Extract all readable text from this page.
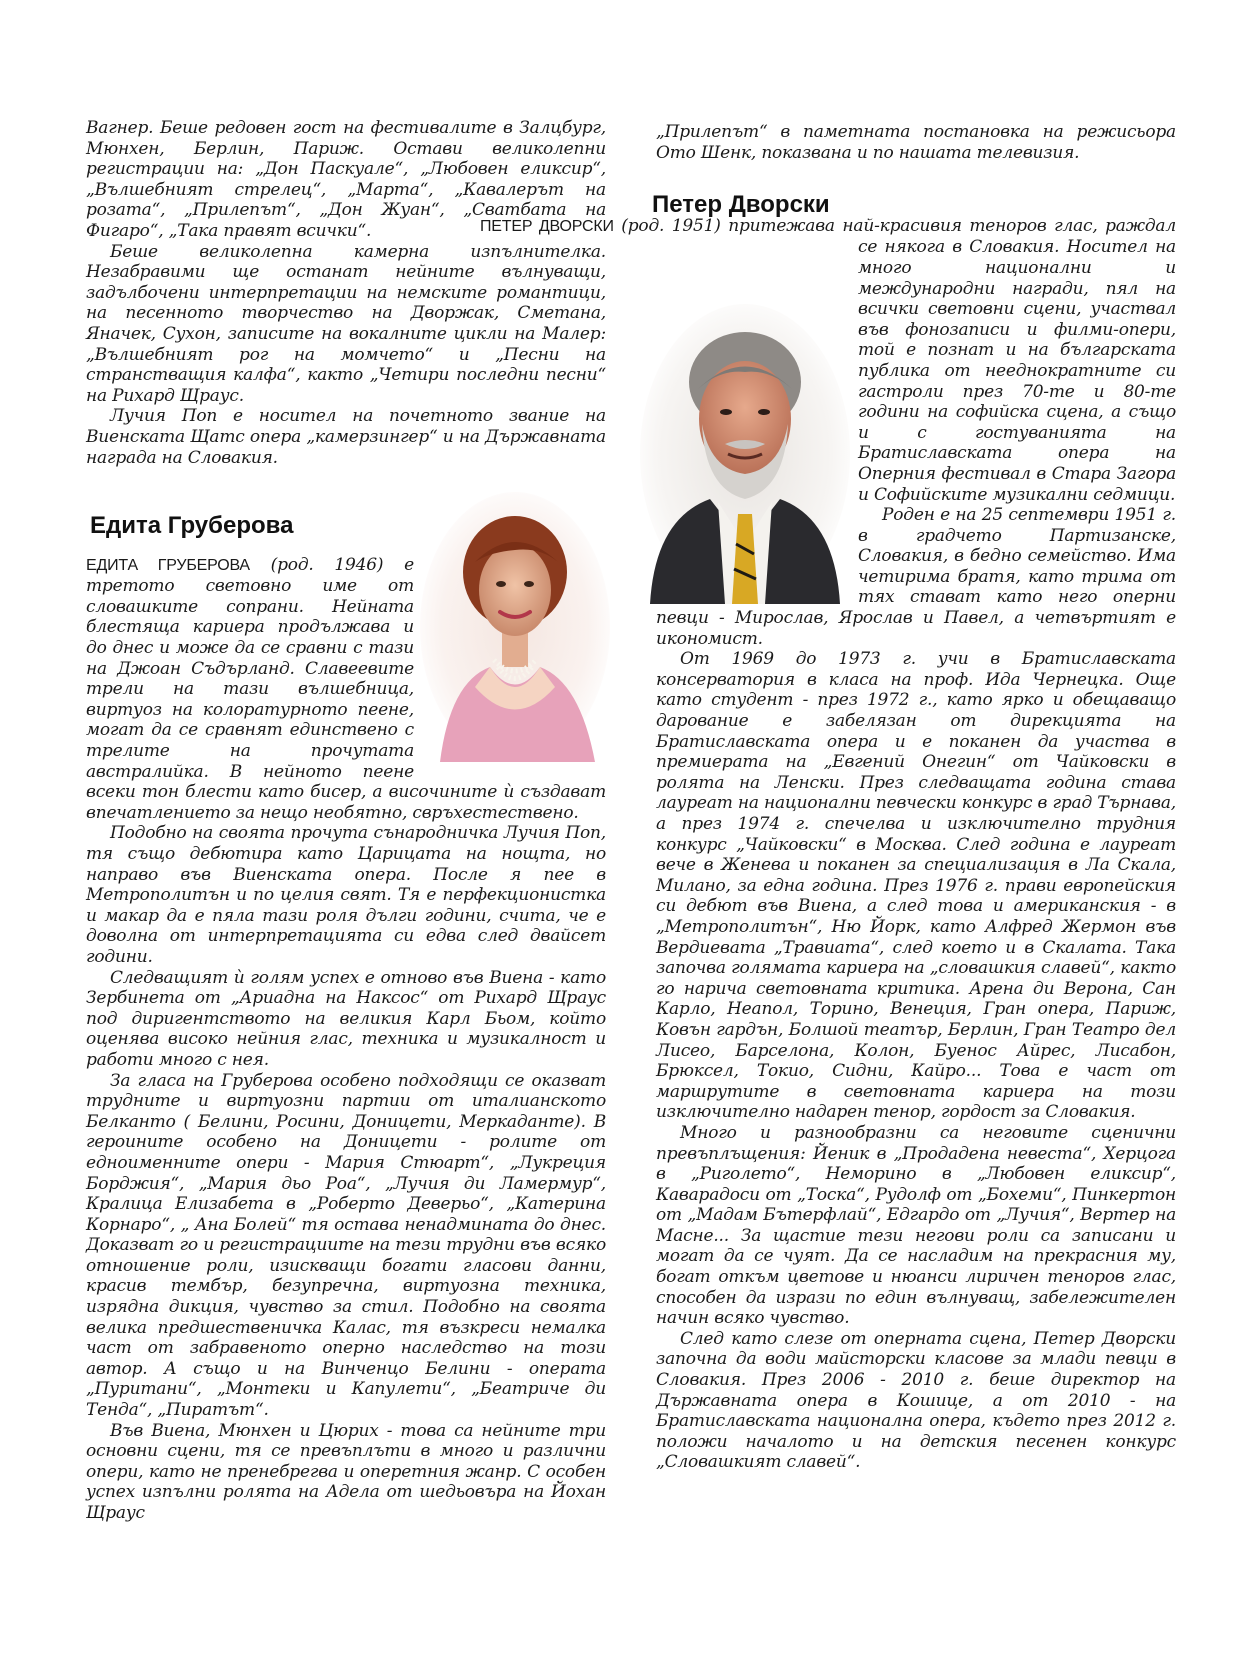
Вагнер. Беше редовен гост на фестивалите в Залцбург, Мюнхен, Берлин, Париж. Остави великолепни регистрации на: „Дон Паскуале“, „Любовен еликсир“, „Вълшебният стрелец“, „Марта“, „Кавалерът на розата“, „Прилепът“, „Дон Жуан“, „Сватбата на Фигаро“, „Така правят всички“.

Беше великолепна камерна изпълнителка. Незабравими ще останат нейните вълнуващи, задълбочени интерпретации на немските романтици, на песенното творчество на Дворжак, Сметана, Яначек, Сухон, записите на вокалните цикли на Малер: „Вълшебният рог на момчето“ и „Песни на странстващия калфа“, както „Четири последни песни“ на Рихард Щраус.

Лучия Поп е носител на почетното звание на Виенската Щатс опера „камерзингер“ и на Държавната награда на Словакия.

Едита Груберова

ЕДИТА ГРУБЕРОВА (род. 1946) е третото световно име от словашките сопрани. Нейната блестяща кариера продължава и до днес и може да се сравни с тази на Джоан Съдърланд. Славеевите трели на тази вълшебница, виртуоз на колоратурното пеене, могат да се сравнят единствено с трелите на прочутата австралийка. В нейното пеене всеки тон блести като бисер, а височините ѝ създават впечатлението за нещо необятно, свръхестествено.

Подобно на своята прочута сънародничка Лучия Поп, тя също дебютира като Царицата на нощта, но направо във Виенската опера. После я пее в Метрополитън и по целия свят. Тя е перфекционистка и макар да е пяла тази роля дълги години, счита, че е доволна от интерпретацията си едва след двайсет години.

Следващият ѝ голям успех е отново във Виена - като Зербинета от „Ариадна на Наксос“ от Рихард Щраус под диригентството на великия Карл Бьом, който оценява високо нейния глас, техника и музикалност и работи много с нея.

За гласа на Груберова особено подходящи се оказват трудните и виртуозни партии от италианското Белканто ( Белини, Росини, Доницети, Меркаданте). В героините особено на Доницети - ролите от едноименните опери - Мария Стюарт“, „Лукреция Борджия“, „Мария дьо Роа“, „Лучия ди Ламермур“, Кралица Елизабета в „Роберто Деверьо“, „Катерина Корнаро“, „ Ана Болей“ тя остава ненадмината до днес. Доказват го и регистрациите на тези трудни във всяко отношение роли, изискващи богати гласови данни, красив тембър, безупречна, виртуозна техника, изрядна дикция, чувство за стил. Подобно на своята велика предшественичка Калас, тя възкреси немалка част от забравеното оперно наследство на този автор. А също и на Винченцо Белини - операта „Пуритани“, „Монтеки и Капулети“, „Беатриче ди Тенда“, „Пиратът“.

Във Виена, Мюнхен и Цюрих - това са нейните три основни сцени, тя се превъплъти в много и различни опери, като не пренебрегва и оперетния жанр. С особен успех изпълни ролята на Адела от шедьовъра на Йохан Щраус

„Прилепът“ в паметната постановка на режисьора Ото Шенк, показвана и по нашата телевизия.

Петер Дворски

ПЕТЕР ДВОРСКИ (род. 1951) притежава най-красивия теноров глас, раждал се някога в Словакия. Носител на много национални и международни награди, пял на всички световни сцени, участвал във фонозаписи и филми-опери, той е познат и на българската публика от нееднократните си гастроли през 70-те и 80-те години на софийска сцена, а също и с гостуванията на Братиславската опера на Оперния фестивал в Стара Загора и Софийските музикални седмици.

Роден е на 25 септември 1951 г. в градчето Партизанске, Словакия, в бедно семейство. Има четирима братя, като трима от тях стават като него оперни певци - Мирослав, Ярослав и Павел, а четвъртият е икономист.

От 1969 до 1973 г. учи в Братиславската консерватория в класа на проф. Ида Чернецка. Още като студент - през 1972 г., като ярко и обещаващо дарование е забелязан от дирекцията на Братиславската опера и е поканен да участва в премиерата на „Евгений Онегин“ от Чайковски в ролята на Ленски. През следващата година става лауреат на национални певчески конкурс в град Търнава, а през 1974 г. спечелва и изключително трудния конкурс „Чайковски“ в Москва. След година е лауреат вече в Женева и поканен за специализация в Ла Скала, Милано, за една година. През 1976 г. прави европейския си дебют във Виена, а след това и американския - в „Метрополитън“, Ню Йорк, като Алфред Жермон във Вердиевата „Травиата“, след което и в Скалата. Така започва голямата кариера на „словашкия славей“, както го нарича световната критика. Арена ди Верона, Сан Карло, Неапол, Торино, Венеция, Гран опера, Париж, Ковън гардън, Болшой театър, Берлин, Гран Театро дел Лисео, Барселона, Колон, Буенос Айрес, Лисабон, Брюксел, Токио, Сидни, Кайро... Това е част от маршрутите в световната кариера на този изключително надарен тенор, гордост за Словакия.

Много и разнообразни са неговите сценични превъплъщения: Йеник в „Продадена невеста“, Херцога в „Риголето“, Неморино в „Любовен еликсир“, Каварадоси от „Тоска“, Рудолф от „Бохеми“, Пинкертон от „Мадам Бътерфлай“, Едгардо от „Лучия“, Вертер на Масне... За щастие тези негови роли са записани и могат да се чуят. Да се насладим на прекрасния му, богат откъм цветове и нюанси лиричен теноров глас, способен да изрази по един вълнуващ, забележителен начин всяко чувство.

След като слезе от оперната сцена, Петер Дворски започна да води майсторски класове за млади певци в Словакия. През 2006 - 2010 г. беше директор на Държавната опера в Кошице, а от 2010 - на Братиславската национална опера, където през 2012 г. положи началото и на детския песенен конкурс „Словашкият славей“.
